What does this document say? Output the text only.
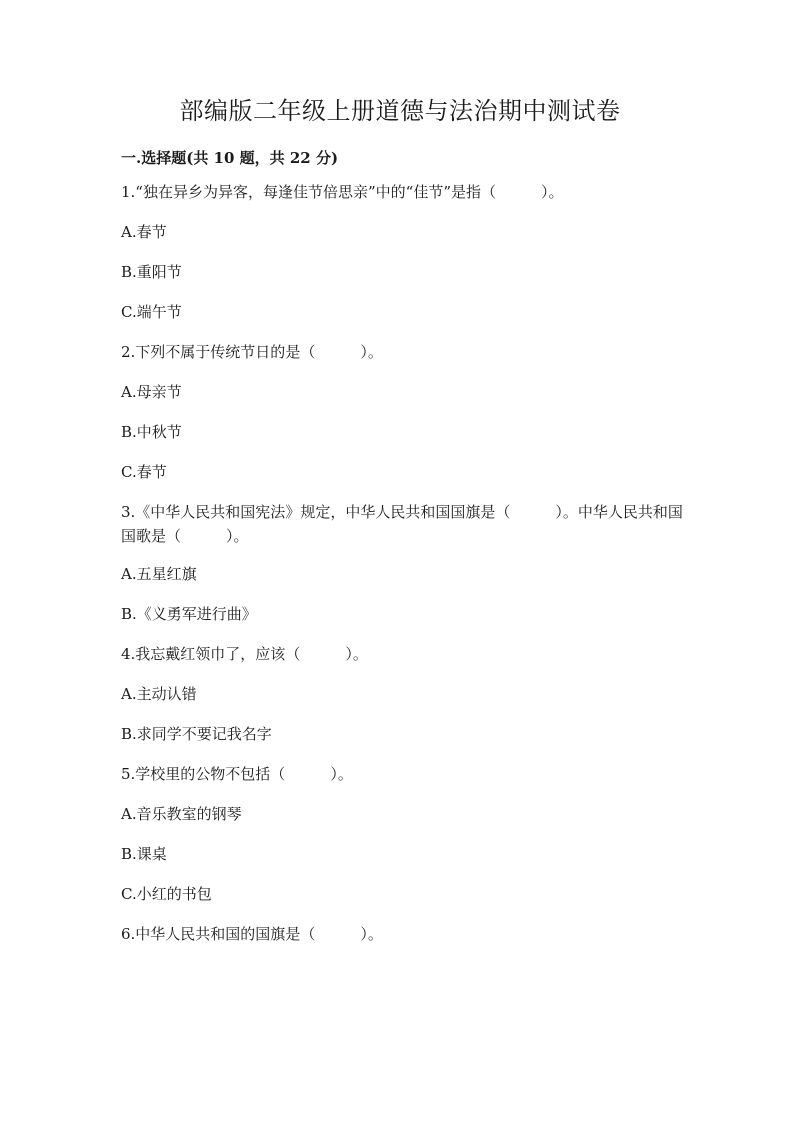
部编版二年级上册道德与法治期中测试卷
一.选择题(共 10 题，共 22 分)
1.“独在异乡为异客，每逢佳节倍思亲”中的“佳节”是指（　　　）。
A.春节
B.重阳节
C.端午节
2.下列不属于传统节日的是（　　　）。
A.母亲节
B.中秋节
C.春节
3.《中华人民共和国宪法》规定，中华人民共和国国旗是（　　　）。中华人民共和国国歌是（　　　）。
A.五星红旗
B.《义勇军进行曲》
4.我忘戴红领巾了，应该（　　　）。
A.主动认错
B.求同学不要记我名字
5.学校里的公物不包括（　　　）。
A.音乐教室的钢琴
B.课桌
C.小红的书包
6.中华人民共和国的国旗是（　　　）。
